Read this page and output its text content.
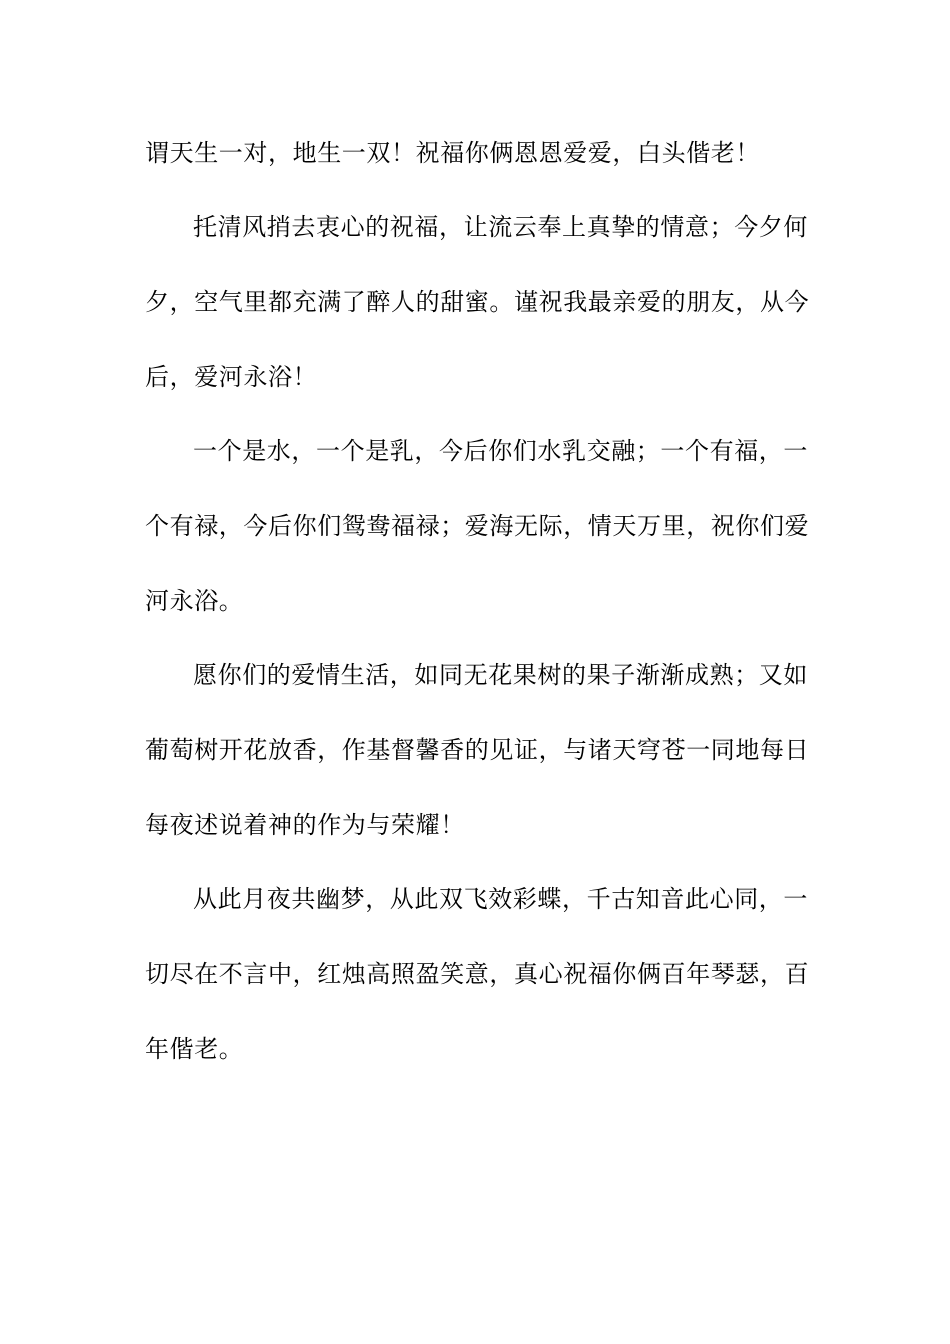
谓天生一对，地生一双！祝福你俩恩恩爱爱，白头偕老！
托清风捎去衷心的祝福，让流云奉上真挚的情意；今夕何
夕，空气里都充满了醉人的甜蜜。谨祝我最亲爱的朋友，从今
后，爱河永浴！
一个是水，一个是乳，今后你们水乳交融；一个有福，一
个有禄，今后你们鸳鸯福禄；爱海无际，情天万里，祝你们爱
河永浴。
愿你们的爱情生活，如同无花果树的果子渐渐成熟；又如
葡萄树开花放香，作基督馨香的见证，与诸天穹苍一同地每日
每夜述说着神的作为与荣耀！
从此月夜共幽梦，从此双飞效彩蝶，千古知音此心同，一
切尽在不言中，红烛高照盈笑意，真心祝福你俩百年琴瑟，百
年偕老。
